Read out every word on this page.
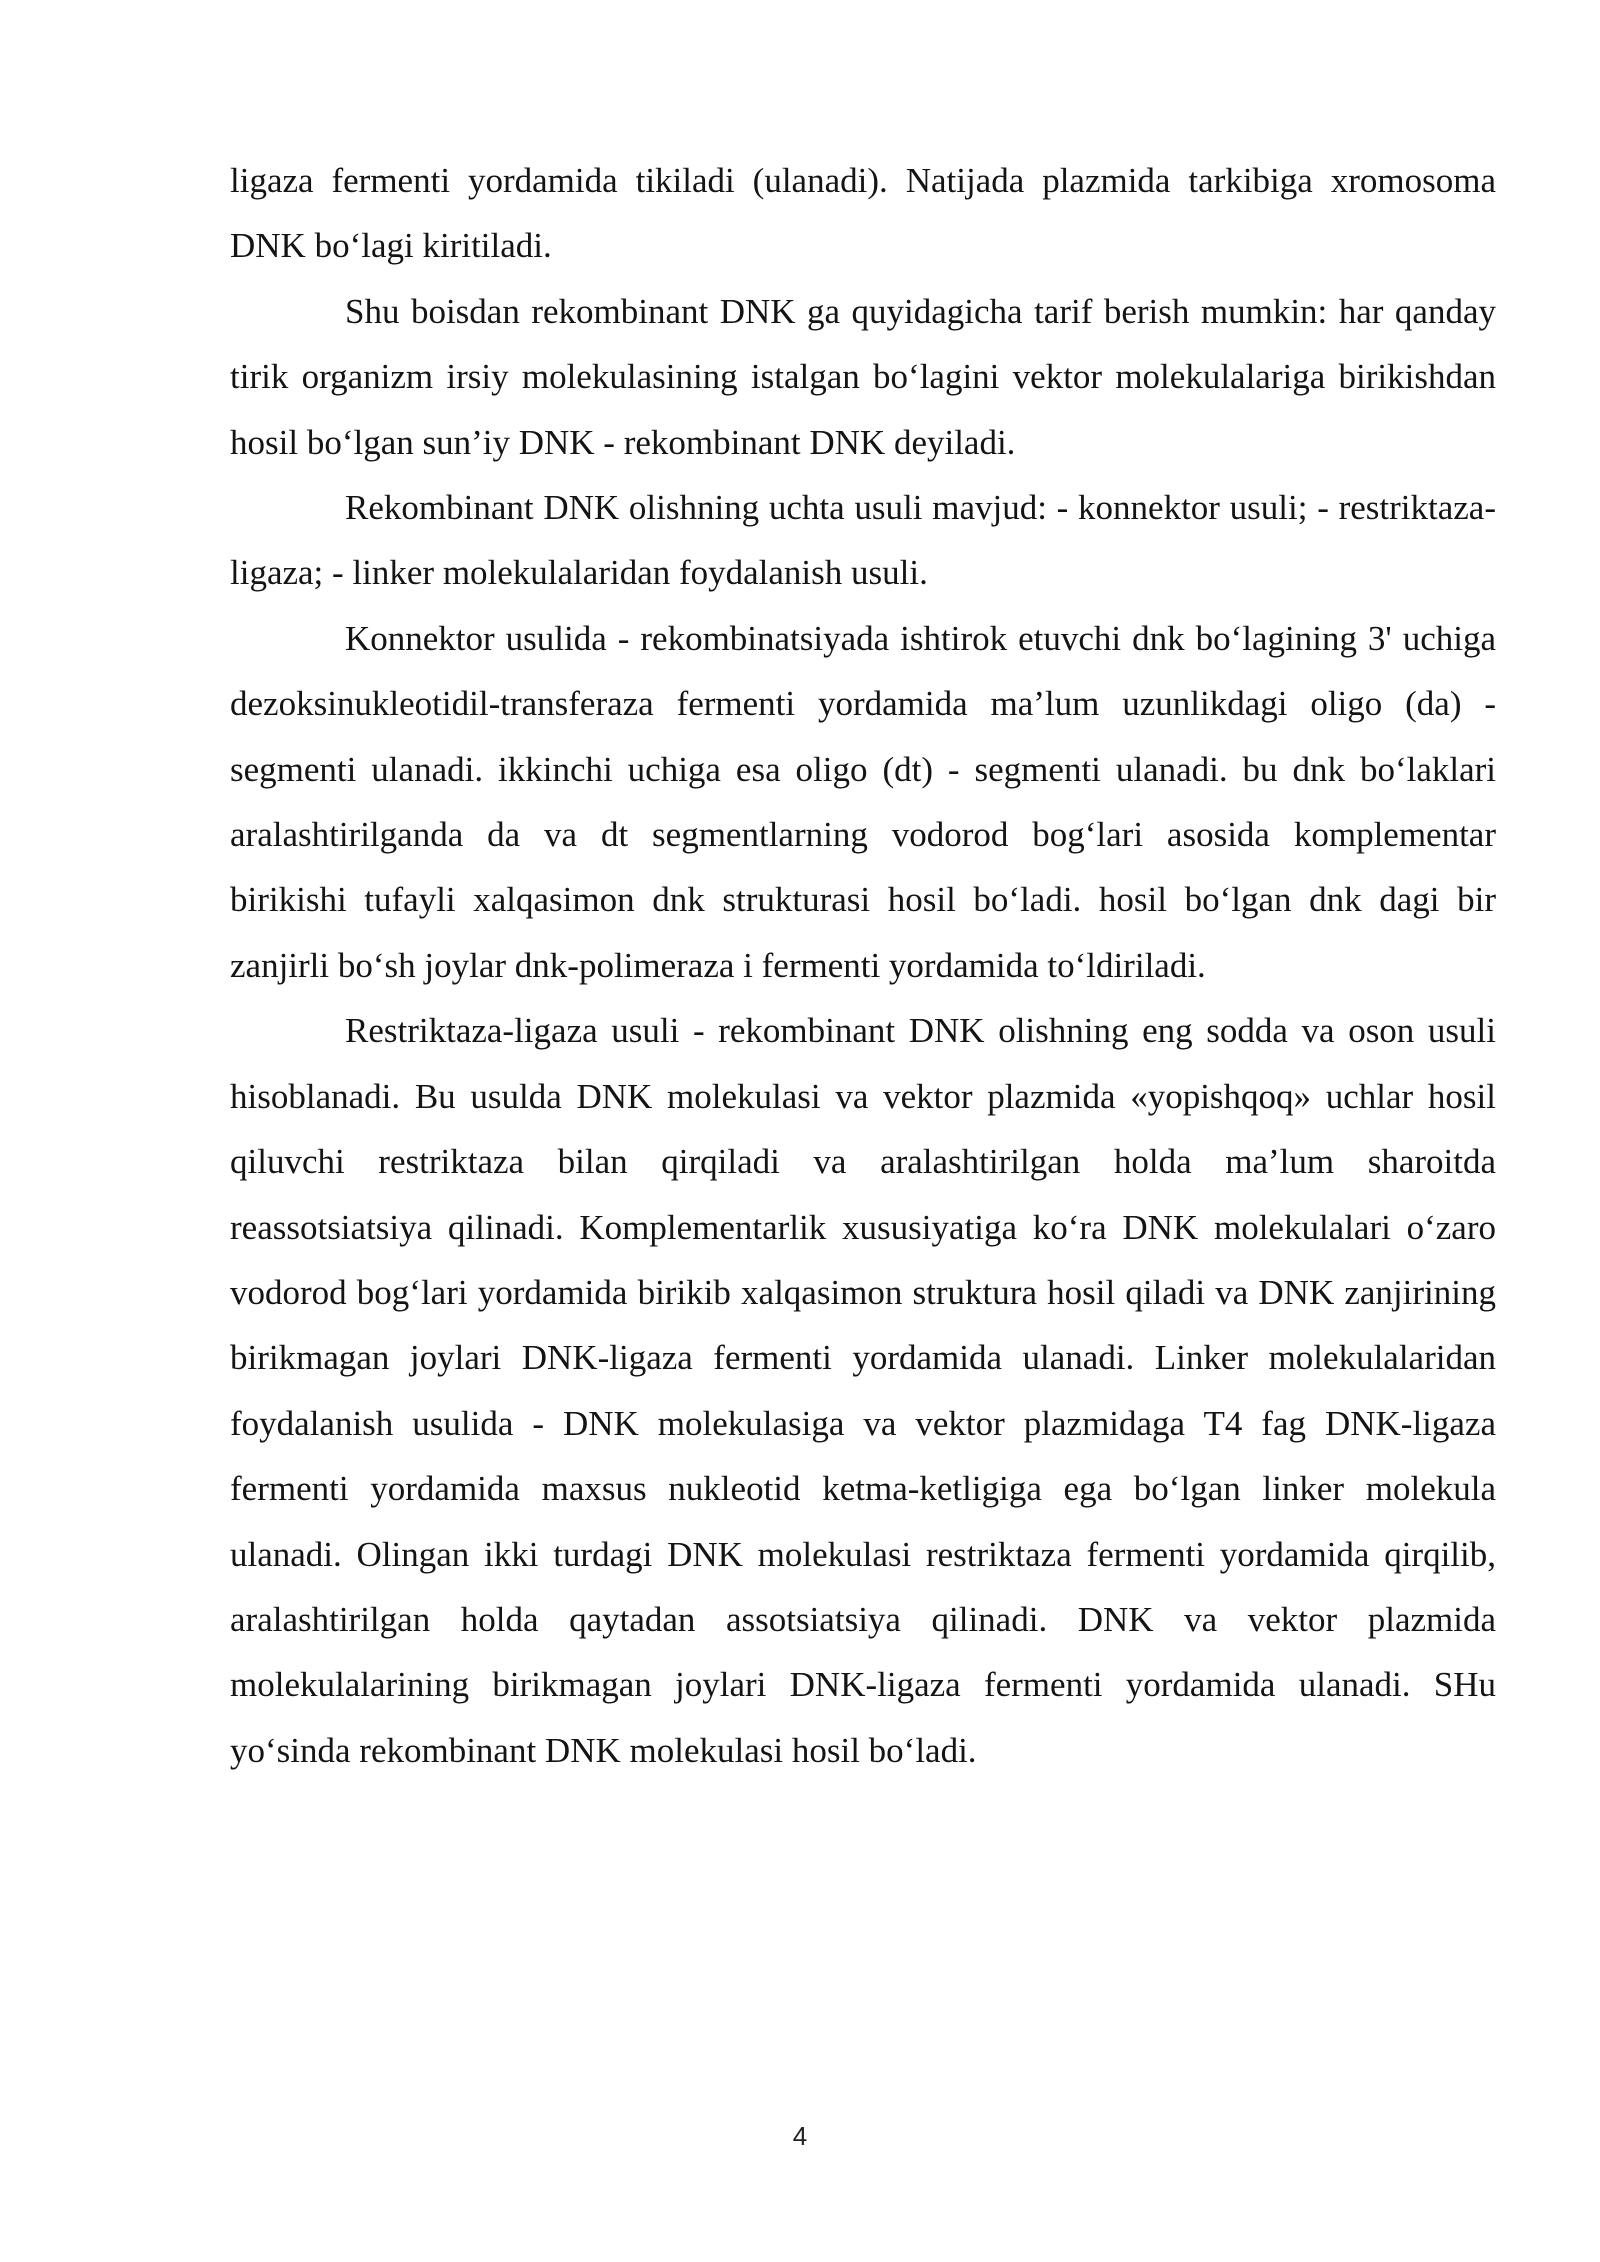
ligaza fermenti yordamida tikiladi (ulanadi). Natijada plazmida tarkibiga xromosoma DNK bo‘lagi kiritiladi.

Shu boisdan rekombinant DNK ga quyidagicha tarif berish mumkin: har qanday tirik organizm irsiy molekulasining istalgan bo‘lagini vektor molekulalariga birikishdan hosil bo‘lgan sun’iy DNK - rekombinant DNK deyiladi.

Rekombinant DNK olishning uchta usuli mavjud: - konnektor usuli; - restriktaza-ligaza; - linker molekulalaridan foydalanish usuli.

Konnektor usulida - rekombinatsiyada ishtirok etuvchi dnk bo‘lagining 3' uchiga dezoksinukleotidil-transferaza fermenti yordamida ma’lum uzunlikdagi oligo (da) - segmenti ulanadi. ikkinchi uchiga esa oligo (dt) - segmenti ulanadi. bu dnk bo‘laklari aralashtirilganda da va dt segmentlarning vodorod bog‘lari asosida komplementar birikishi tufayli xalqasimon dnk strukturasi hosil bo‘ladi. hosil bo‘lgan dnk dagi bir zanjirli bo‘sh joylar dnk-polimeraza i fermenti yordamida to‘ldiriladi.

Restriktaza-ligaza usuli - rekombinant DNK olishning eng sodda va oson usuli hisoblanadi. Bu usulda DNK molekulasi va vektor plazmida «yopishqoq» uchlar hosil qiluvchi restriktaza bilan qirqiladi va aralashtirilgan holda ma’lum sharoitda reassotsiatsiya qilinadi. Komplementarlik xususiyatiga ko‘ra DNK molekulalari o‘zaro vodorod bog‘lari yordamida birikib xalqasimon struktura hosil qiladi va DNK zanjirining birikmagan joylari DNK-ligaza fermenti yordamida ulanadi. Linker molekulalaridan foydalanish usulida - DNK molekulasiga va vektor plazmidaga T4 fag DNK-ligaza fermenti yordamida maxsus nukleotid ketma-ketligiga ega bo‘lgan linker molekula ulanadi. Olingan ikki turdagi DNK molekulasi restriktaza fermenti yordamida qirqilib, aralashtirilgan holda qaytadan assotsiatsiya qilinadi. DNK va vektor plazmida molekulalarining birikmagan joylari DNK-ligaza fermenti yordamida ulanadi. SHu yo‘sinda rekombinant DNK molekulasi hosil bo‘ladi.

4
